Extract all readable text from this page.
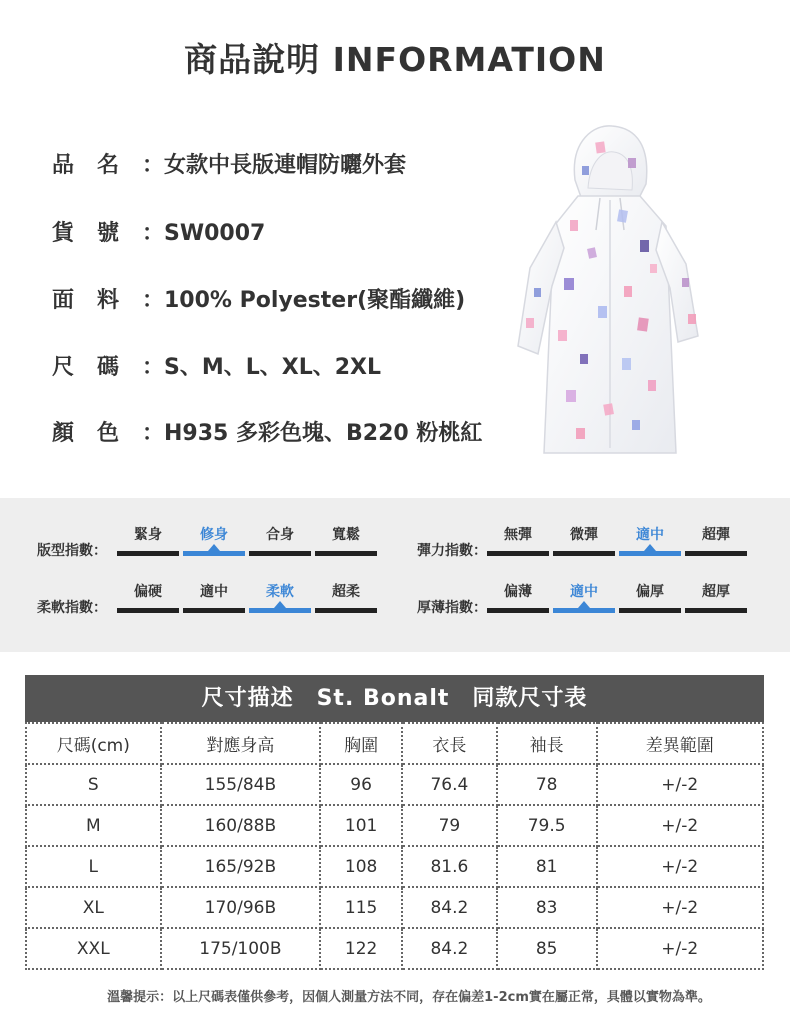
商品說明 INFORMATION
品 名 ：女款中長版連帽防曬外套
貨 號 ：SW0007
面 料 ：100% Polyester(聚酯纖維)
尺 碼 ：S、M、L、XL、2XL
顏 色 ：H935 多彩色塊、B220 粉桃紅
版型指數：
緊身	修身	合身	寬鬆
彈力指數：
無彈	微彈	適中	超彈
柔軟指數：
偏硬	適中	柔軟	超柔
厚薄指數：
偏薄	適中	偏厚	超厚
尺寸描述　St. Bonalt　同款尺寸表
尺碼(cm)	對應身高	胸圍	衣長	袖長	差異範圍
S	155/84B	96	76.4	78	+/-2
M	160/88B	101	79	79.5	+/-2
L	165/92B	108	81.6	81	+/-2
XL	170/96B	115	84.2	83	+/-2
XXL	175/100B	122	84.2	85	+/-2
溫馨提示：以上尺碼表僅供參考，因個人測量方法不同，存在偏差1-2cm實在屬正常，具體以實物為準。
